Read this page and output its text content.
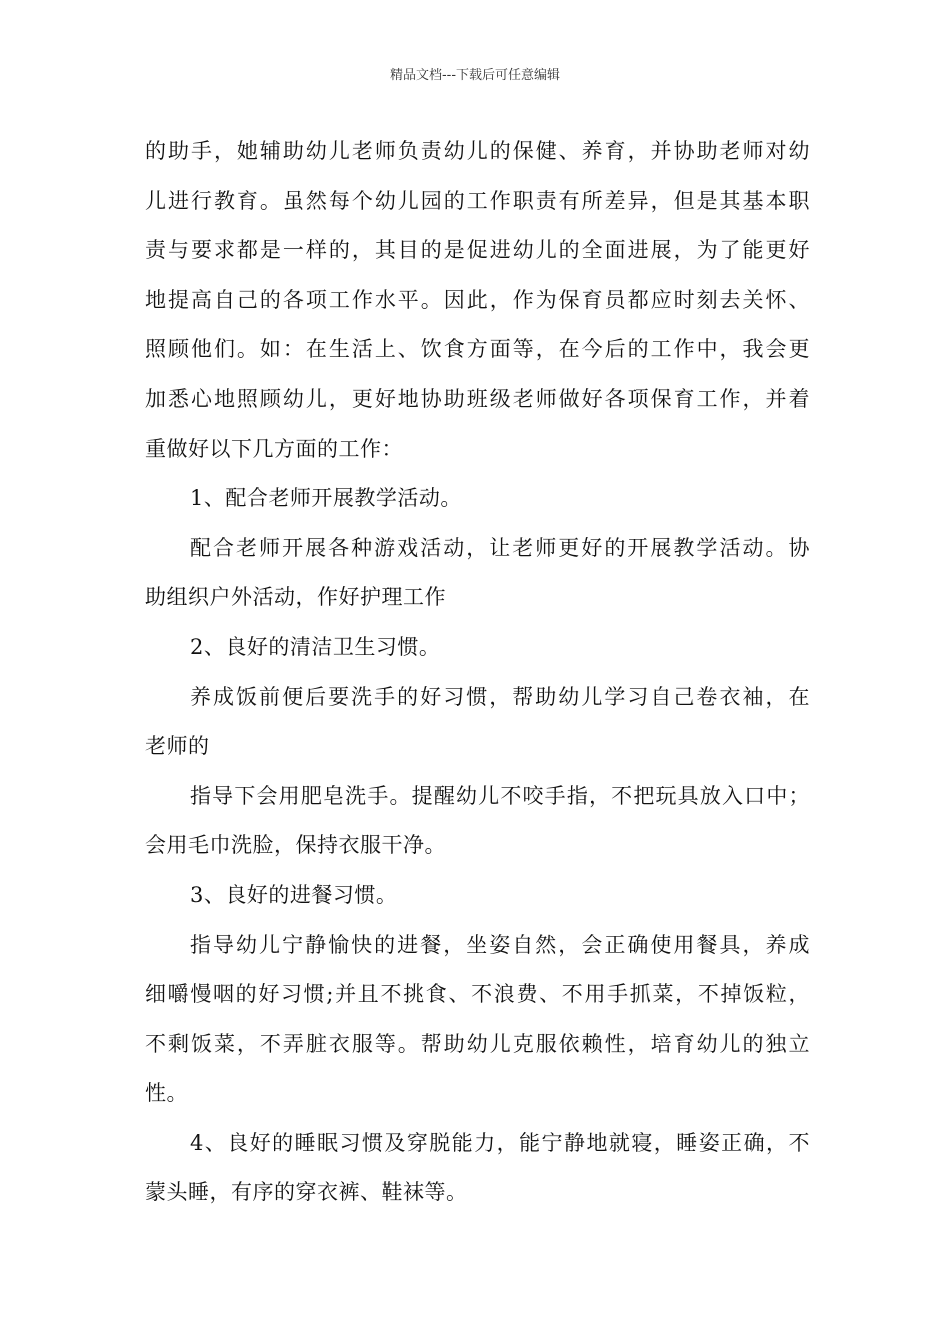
精品文档---下载后可任意编辑
的助手，她辅助幼儿老师负责幼儿的保健、养育，并协助老师对幼
儿进行教育。虽然每个幼儿园的工作职责有所差异，但是其基本职
责与要求都是一样的，其目的是促进幼儿的全面进展，为了能更好
地提高自己的各项工作水平。因此，作为保育员都应时刻去关怀、
照顾他们。如：在生活上、饮食方面等，在今后的工作中，我会更
加悉心地照顾幼儿，更好地协助班级老师做好各项保育工作，并着
重做好以下几方面的工作：
1、配合老师开展教学活动。
配合老师开展各种游戏活动，让老师更好的开展教学活动。协
助组织户外活动，作好护理工作
2、良好的清洁卫生习惯。
养成饭前便后要洗手的好习惯，帮助幼儿学习自己卷衣袖，在
老师的
指导下会用肥皂洗手。提醒幼儿不咬手指，不把玩具放入口中；
会用毛巾洗脸，保持衣服干净。
3、良好的进餐习惯。
指导幼儿宁静愉快的进餐，坐姿自然，会正确使用餐具，养成
细嚼慢咽的好习惯;并且不挑食、不浪费、不用手抓菜，不掉饭粒，
不剩饭菜，不弄脏衣服等。帮助幼儿克服依赖性，培育幼儿的独立
性。
4、良好的睡眠习惯及穿脱能力，能宁静地就寝，睡姿正确，不
蒙头睡，有序的穿衣裤、鞋袜等。
